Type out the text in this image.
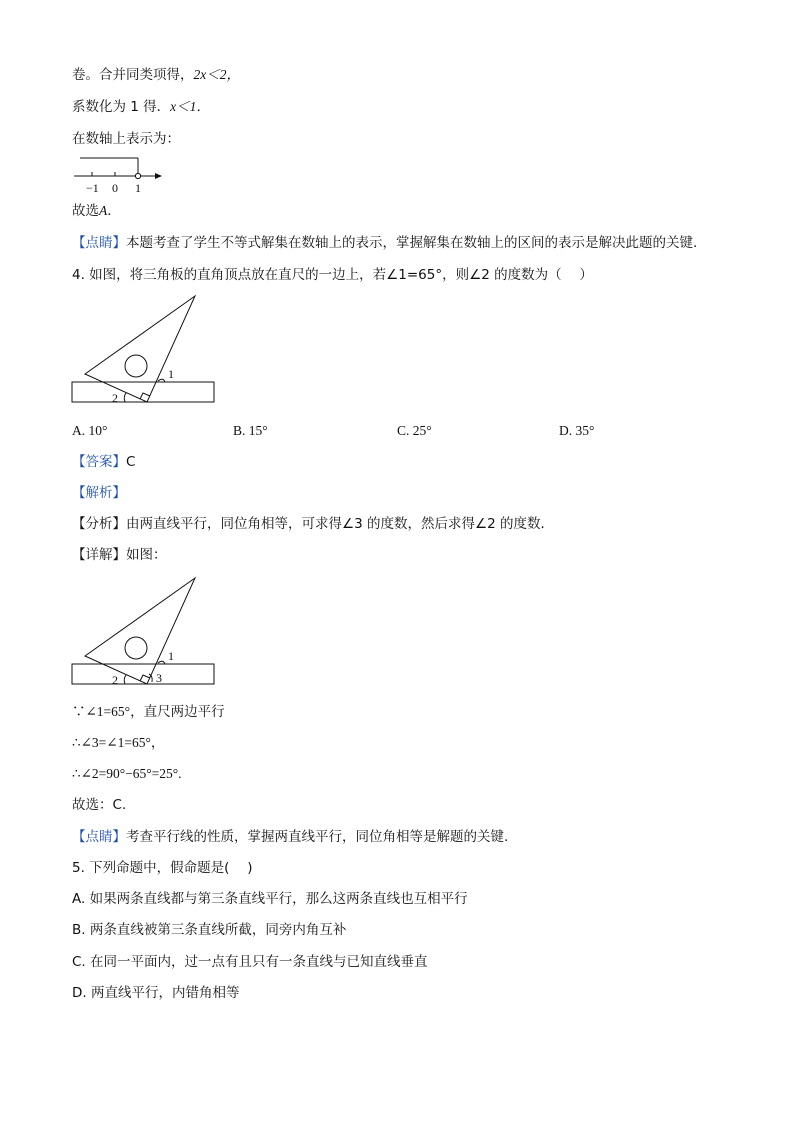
卷。合并同类项得，2x＜2，
系数化为 1 得．x＜1．
在数轴上表示为：
−1 0 1
故选A．
【点睛】本题考查了学生不等式解集在数轴上的表示，掌握解集在数轴上的区间的表示是解决此题的关键.
4. 如图，将三角板的直角顶点放在直尺的一边上，若∠1=65°，则∠2 的度数为（　 ）
1
2
A. 10°	B. 15°	C. 25°	D. 35°
【答案】C
【解析】
【分析】由两直线平行，同位角相等，可求得∠3 的度数，然后求得∠2 的度数．
【详解】如图：
1
2	3
∵∠1=65°，直尺两边平行
∴∠3=∠1=65°，
∴∠2=90°−65°=25°.
故选：C.
【点睛】考查平行线的性质，掌握两直线平行，同位角相等是解题的关键.
5. 下列命题中，假命题是(　 )
A. 如果两条直线都与第三条直线平行，那么这两条直线也互相平行
B. 两条直线被第三条直线所截，同旁内角互补
C. 在同一平面内，过一点有且只有一条直线与已知直线垂直
D. 两直线平行，内错角相等
